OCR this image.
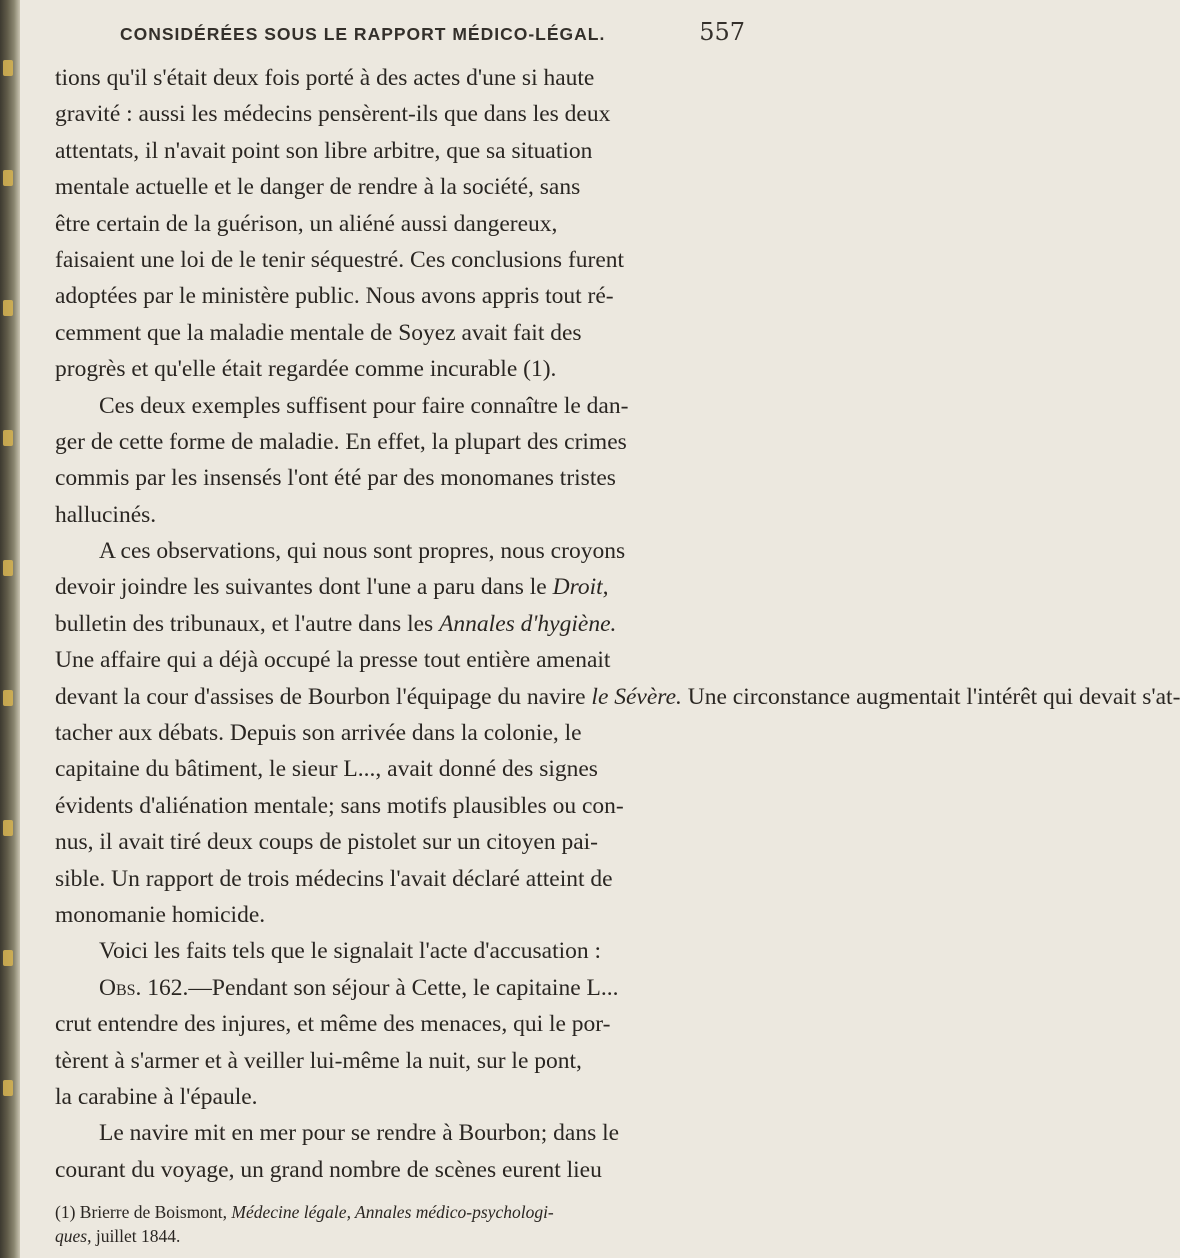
CONSIDÉRÉES SOUS LE RAPPORT MÉDICO-LÉGAL.	557
tions qu'il s'était deux fois porté à des actes d'une si haute
gravité : aussi les médecins pensèrent-ils que dans les deux
attentats, il n'avait point son libre arbitre, que sa situation
mentale actuelle et le danger de rendre à la société, sans
être certain de la guérison, un aliéné aussi dangereux,
faisaient une loi de le tenir séquestré. Ces conclusions furent
adoptées par le ministère public. Nous avons appris tout ré-
cemment que la maladie mentale de Soyez avait fait des
progrès et qu'elle était regardée comme incurable (1).
Ces deux exemples suffisent pour faire connaître le dan-
ger de cette forme de maladie. En effet, la plupart des crimes
commis par les insensés l'ont été par des monomanes tristes
hallucinés.
A ces observations, qui nous sont propres, nous croyons
devoir joindre les suivantes dont l'une a paru dans le Droit,
bulletin des tribunaux, et l'autre dans les Annales d'hygiène.
Une affaire qui a déjà occupé la presse tout entière amenait
devant la cour d'assises de Bourbon l'équipage du navire le Sévère. Une circonstance augmentait l'intérêt qui devait s'at-
tacher aux débats. Depuis son arrivée dans la colonie, le
capitaine du bâtiment, le sieur L..., avait donné des signes
évidents d'aliénation mentale; sans motifs plausibles ou con-
nus, il avait tiré deux coups de pistolet sur un citoyen pai-
sible. Un rapport de trois médecins l'avait déclaré atteint de
monomanie homicide.
Voici les faits tels que le signalait l'acte d'accusation :
Obs. 162.—Pendant son séjour à Cette, le capitaine L...
crut entendre des injures, et même des menaces, qui le por-
tèrent à s'armer et à veiller lui-même la nuit, sur le pont,
la carabine à l'épaule.
Le navire mit en mer pour se rendre à Bourbon; dans le
courant du voyage, un grand nombre de scènes eurent lieu
(1) Brierre de Boismont, Médecine légale, Annales médico-psychologi-
ques, juillet 1844.
